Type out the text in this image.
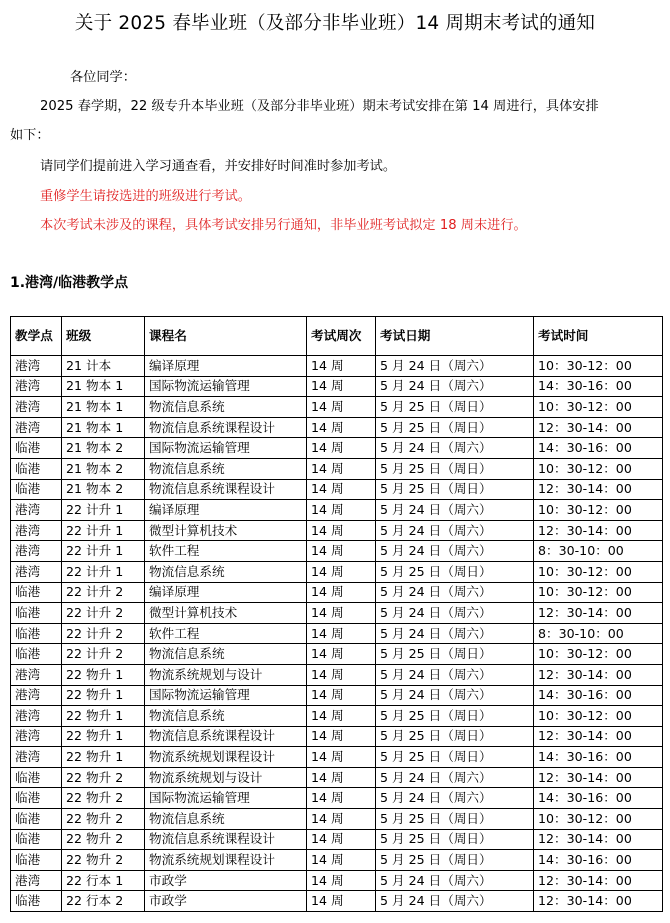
关于 2025 春毕业班（及部分非毕业班）14 周期末考试的通知
各位同学：
2025 春学期，22 级专升本毕业班（及部分非毕业班）期末考试安排在第 14 周进行，具体安排
如下：
请同学们提前进入学习通查看，并安排好时间准时参加考试。
重修学生请按选进的班级进行考试。
本次考试未涉及的课程，具体考试安排另行通知，非毕业班考试拟定 18 周末进行。
1.港湾/临港教学点
教学点	班级	课程名	考试周次	考试日期	考试时间
港湾	21 计本	编译原理	14 周	5 月 24 日（周六）	10：30-12：00
港湾	21 物本 1	国际物流运输管理	14 周	5 月 24 日（周六）	14：30-16：00
港湾	21 物本 1	物流信息系统	14 周	5 月 25 日（周日）	10：30-12：00
港湾	21 物本 1	物流信息系统课程设计	14 周	5 月 25 日（周日）	12：30-14：00
临港	21 物本 2	国际物流运输管理	14 周	5 月 24 日（周六）	14：30-16：00
临港	21 物本 2	物流信息系统	14 周	5 月 25 日（周日）	10：30-12：00
临港	21 物本 2	物流信息系统课程设计	14 周	5 月 25 日（周日）	12：30-14：00
港湾	22 计升 1	编译原理	14 周	5 月 24 日（周六）	10：30-12：00
港湾	22 计升 1	微型计算机技术	14 周	5 月 24 日（周六）	12：30-14：00
港湾	22 计升 1	软件工程	14 周	5 月 24 日（周六）	8：30-10：00
港湾	22 计升 1	物流信息系统	14 周	5 月 25 日（周日）	10：30-12：00
临港	22 计升 2	编译原理	14 周	5 月 24 日（周六）	10：30-12：00
临港	22 计升 2	微型计算机技术	14 周	5 月 24 日（周六）	12：30-14：00
临港	22 计升 2	软件工程	14 周	5 月 24 日（周六）	8：30-10：00
临港	22 计升 2	物流信息系统	14 周	5 月 25 日（周日）	10：30-12：00
港湾	22 物升 1	物流系统规划与设计	14 周	5 月 24 日（周六）	12：30-14：00
港湾	22 物升 1	国际物流运输管理	14 周	5 月 24 日（周六）	14：30-16：00
港湾	22 物升 1	物流信息系统	14 周	5 月 25 日（周日）	10：30-12：00
港湾	22 物升 1	物流信息系统课程设计	14 周	5 月 25 日（周日）	12：30-14：00
港湾	22 物升 1	物流系统规划课程设计	14 周	5 月 25 日（周日）	14：30-16：00
临港	22 物升 2	物流系统规划与设计	14 周	5 月 24 日（周六）	12：30-14：00
临港	22 物升 2	国际物流运输管理	14 周	5 月 24 日（周六）	14：30-16：00
临港	22 物升 2	物流信息系统	14 周	5 月 25 日（周日）	10：30-12：00
临港	22 物升 2	物流信息系统课程设计	14 周	5 月 25 日（周日）	12：30-14：00
临港	22 物升 2	物流系统规划课程设计	14 周	5 月 25 日（周日）	14：30-16：00
港湾	22 行本 1	市政学	14 周	5 月 24 日（周六）	12：30-14：00
临港	22 行本 2	市政学	14 周	5 月 24 日（周六）	12：30-14：00
